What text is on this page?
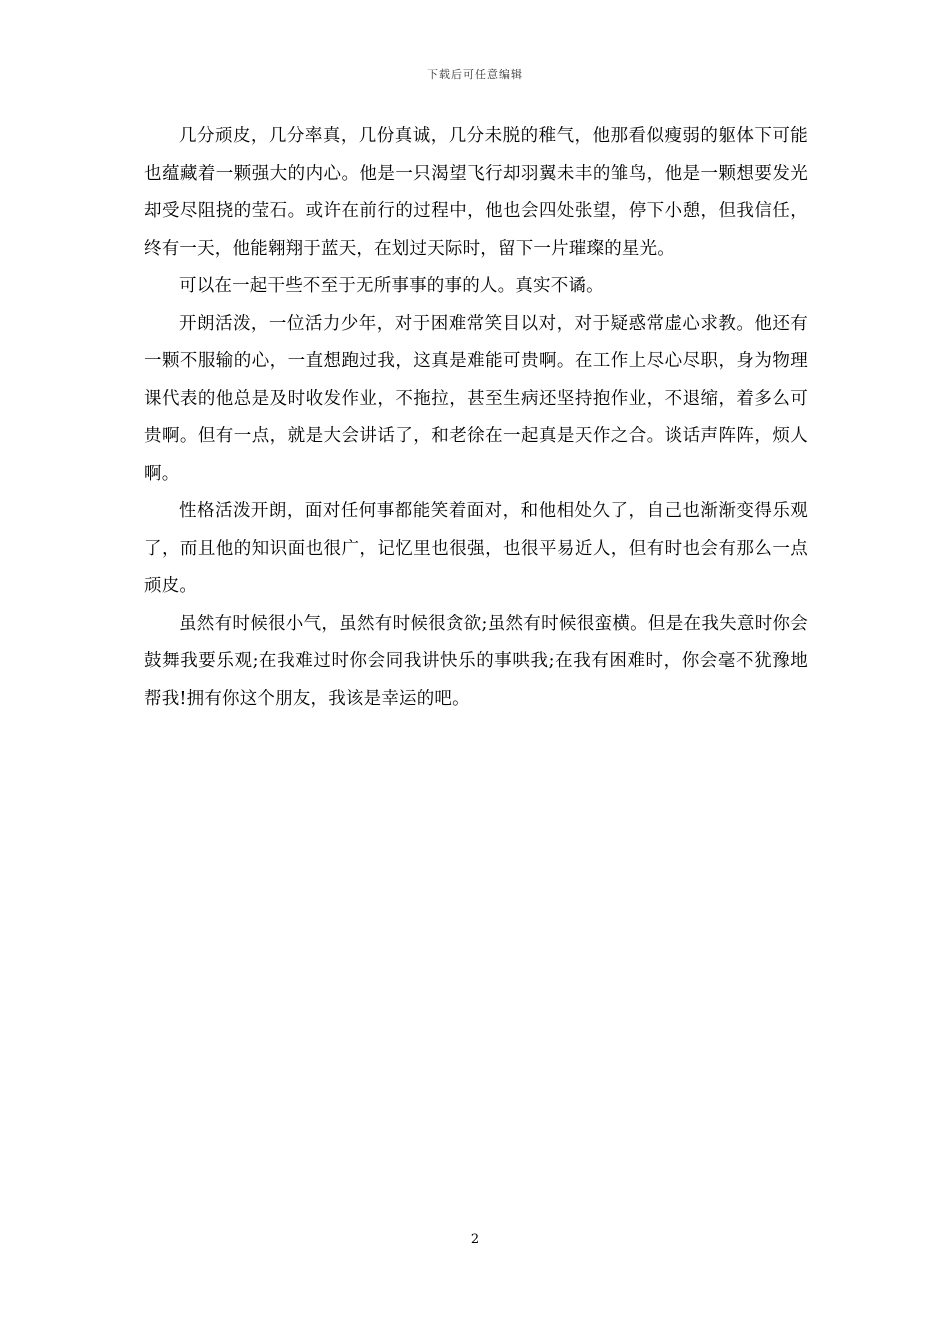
下载后可任意编辑

几分顽皮，几分率真，几份真诚，几分未脱的稚气，他那看似瘦弱的躯体下可能也蕴藏着一颗强大的内心。他是一只渴望飞行却羽翼未丰的雏鸟，他是一颗想要发光却受尽阻挠的莹石。或许在前行的过程中，他也会四处张望，停下小憩，但我信任，终有一天，他能翱翔于蓝天，在划过天际时，留下一片璀璨的星光。

可以在一起干些不至于无所事事的事的人。真实不谲。

开朗活泼，一位活力少年，对于困难常笑目以对，对于疑惑常虚心求教。他还有一颗不服输的心，一直想跑过我，这真是难能可贵啊。在工作上尽心尽职，身为物理课代表的他总是及时收发作业，不拖拉，甚至生病还坚持抱作业，不退缩，着多么可贵啊。但有一点，就是大会讲话了，和老徐在一起真是天作之合。谈话声阵阵，烦人啊。

性格活泼开朗，面对任何事都能笑着面对，和他相处久了，自己也渐渐变得乐观了，而且他的知识面也很广，记忆里也很强，也很平易近人，但有时也会有那么一点顽皮。

虽然有时候很小气，虽然有时候很贪欲;虽然有时候很蛮横。但是在我失意时你会鼓舞我要乐观;在我难过时你会同我讲快乐的事哄我;在我有困难时，你会毫不犹豫地帮我!拥有你这个朋友，我该是幸运的吧。

2
